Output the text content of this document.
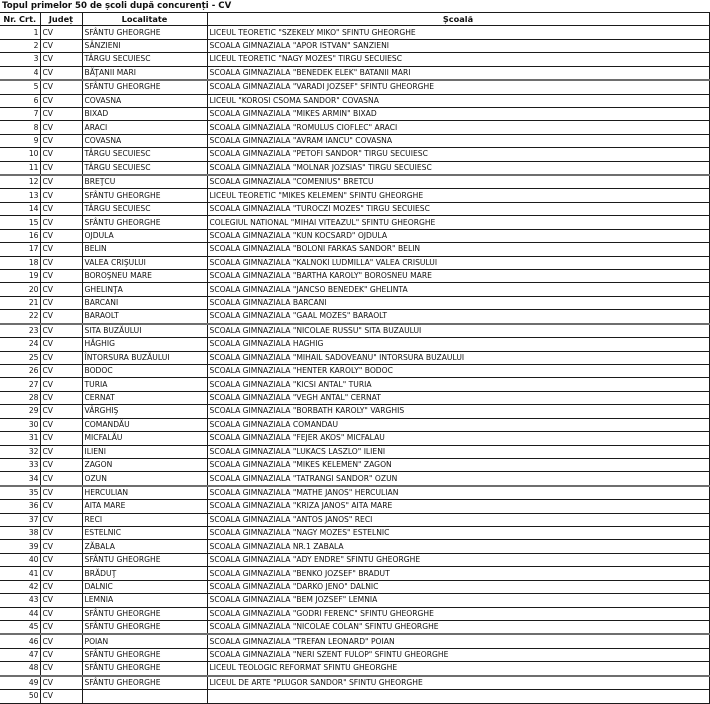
Topul primelor 50 de școli după concurenți - CV
Nr. Crt.	Județ	Localitate	Școală
1	CV	SFÂNTU GHEORGHE	LICEUL TEORETIC "SZEKELY MIKO" SFINTU GHEORGHE
2	CV	SÂNZIENI	SCOALA GIMNAZIALA "APOR ISTVAN" SANZIENI
3	CV	TÂRGU SECUIESC	LICEUL TEORETIC "NAGY MOZES" TIRGU SECUIESC
4	CV	BĂŢANII MARI	SCOALA GIMNAZIALA "BENEDEK ELEK" BATANII MARI
5	CV	SFÂNTU GHEORGHE	SCOALA GIMNAZIALA "VARADI JOZSEF" SFINTU GHEORGHE
6	CV	COVASNA	LICEUL "KOROSI CSOMA SANDOR" COVASNA
7	CV	BIXAD	SCOALA GIMNAZIALA "MIKES ARMIN" BIXAD
8	CV	ARACI	SCOALA GIMNAZIALA "ROMULUS CIOFLEC" ARACI
9	CV	COVASNA	SCOALA GIMNAZIALA "AVRAM IANCU" COVASNA
10	CV	TÂRGU SECUIESC	SCOALA GIMNAZIALA "PETOFI SANDOR" TIRGU SECUIESC
11	CV	TÂRGU SECUIESC	SCOALA GIMNAZIALA "MOLNAR JOZSIAS" TIRGU SECUIESC
12	CV	BREŢCU	SCOALA GIMNAZIALA "COMENIUS" BRETCU
13	CV	SFÂNTU GHEORGHE	LICEUL TEORETIC "MIKES KELEMEN" SFINTU GHEORGHE
14	CV	TÂRGU SECUIESC	SCOALA GIMNAZIALA "TUROCZI MOZES" TIRGU SECUIESC
15	CV	SFÂNTU GHEORGHE	COLEGIUL NATIONAL "MIHAI VITEAZUL" SFINTU GHEORGHE
16	CV	OJDULA	SCOALA GIMNAZIALA "KUN KOCSARD" OJDULA
17	CV	BELIN	SCOALA GIMNAZIALA "BOLONI FARKAS SANDOR" BELIN
18	CV	VALEA CRIŞULUI	SCOALA GIMNAZIALA "KALNOKI LUDMILLA" VALEA CRISULUI
19	CV	BOROŞNEU MARE	SCOALA GIMNAZIALA "BARTHA KAROLY" BOROSNEU MARE
20	CV	GHELINŢA	SCOALA GIMNAZIALA "JANCSO BENEDEK" GHELINTA
21	CV	BARCANI	SCOALA GIMNAZIALA BARCANI
22	CV	BARAOLT	SCOALA GIMNAZIALA "GAAL MOZES" BARAOLT
23	CV	SITA BUZĂULUI	SCOALA GIMNAZIALA "NICOLAE RUSSU" SITA BUZAULUI
24	CV	HĂGHIG	SCOALA GIMNAZIALA HAGHIG
25	CV	ÎNTORSURA BUZĂULUI	SCOALA GIMNAZIALA "MIHAIL SADOVEANU" INTORSURA BUZAULUI
26	CV	BODOC	SCOALA GIMNAZIALA "HENTER KAROLY" BODOC
27	CV	TURIA	SCOALA GIMNAZIALA "KICSI ANTAL" TURIA
28	CV	CERNAT	SCOALA GIMNAZIALA "VEGH ANTAL" CERNAT
29	CV	VÂRGHIŞ	SCOALA GIMNAZIALA "BORBATH KAROLY" VARGHIS
30	CV	COMANDĂU	SCOALA GIMNAZIALA COMANDAU
31	CV	MICFALĂU	SCOALA GIMNAZIALA "FEJER AKOS" MICFALAU
32	CV	ILIENI	SCOALA GIMNAZIALA "LUKACS LASZLO" ILIENI
33	CV	ZAGON	SCOALA GIMNAZIALA "MIKES KELEMEN" ZAGON
34	CV	OZUN	SCOALA GIMNAZIALA "TATRANGI SANDOR" OZUN
35	CV	HERCULIAN	SCOALA GIMNAZIALA "MATHE JANOS" HERCULIAN
36	CV	AITA MARE	SCOALA GIMNAZIALA "KRIZA JANOS" AITA MARE
37	CV	RECI	SCOALA GIMNAZIALA "ANTOS JANOS" RECI
38	CV	ESTELNIC	SCOALA GIMNAZIALA "NAGY MOZES" ESTELNIC
39	CV	ZĂBALA	SCOALA GIMNAZIALA NR.1 ZABALA
40	CV	SFÂNTU GHEORGHE	SCOALA GIMNAZIALA "ADY ENDRE" SFINTU GHEORGHE
41	CV	BRĂDUŢ	SCOALA GIMNAZIALA "BENKO JOZSEF" BRADUT
42	CV	DALNIC	SCOALA GIMNAZIALA "DARKO JENO" DALNIC
43	CV	LEMNIA	SCOALA GIMNAZIALA "BEM JOZSEF" LEMNIA
44	CV	SFÂNTU GHEORGHE	SCOALA GIMNAZIALA "GODRI FERENC" SFINTU GHEORGHE
45	CV	SFÂNTU GHEORGHE	SCOALA GIMNAZIALA "NICOLAE COLAN" SFINTU GHEORGHE
46	CV	POIAN	SCOALA GIMNAZIALA "TREFAN LEONARD" POIAN
47	CV	SFÂNTU GHEORGHE	SCOALA GIMNAZIALA "NERI SZENT FULOP" SFINTU GHEORGHE
48	CV	SFÂNTU GHEORGHE	LICEUL TEOLOGIC REFORMAT SFINTU GHEORGHE
49	CV	SFÂNTU GHEORGHE	LICEUL DE ARTE "PLUGOR SANDOR" SFINTU GHEORGHE
50	CV		
